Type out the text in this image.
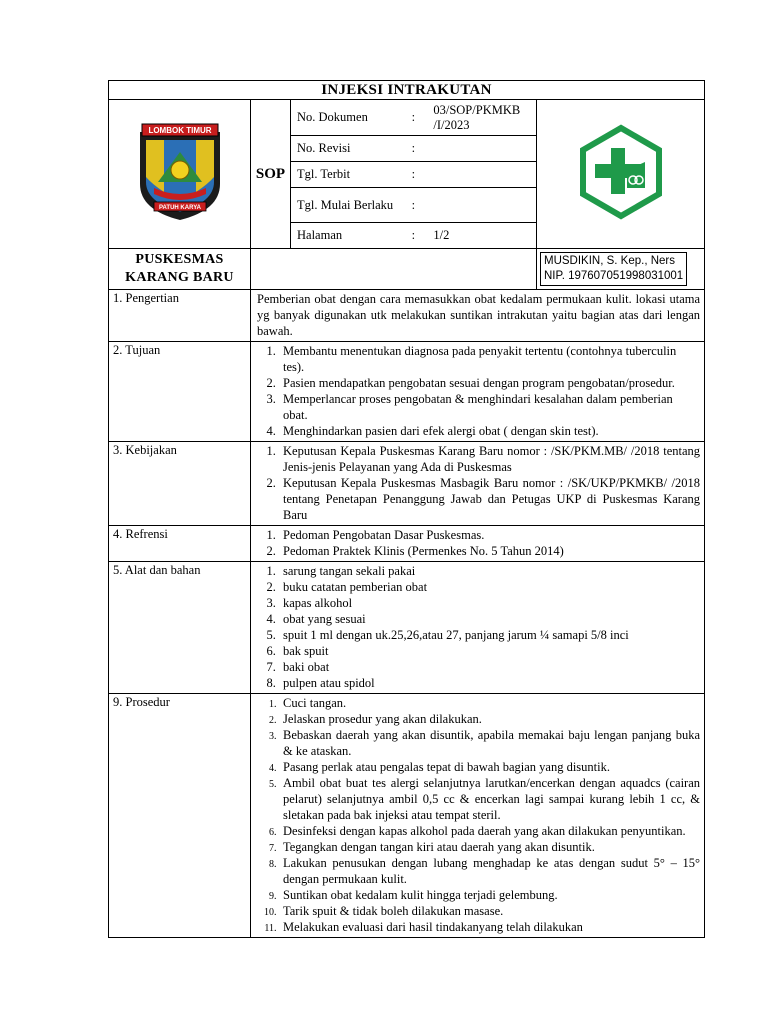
INJEKSI INTRAKUTAN

LOMBOK TIMUR
PATUH KARYA
	SOP	
No. Dokumen	:	03/SOP/PKMKB /I/2023
No. Revisi	:	
Tgl. Terbit	:	
Tgl. Mulai Berlaku	:	
Halaman	:	1/2

PUSKESMAS KARANG BARU		
MUSDIKIN, S. Kep., Ners
NIP. 197607051998031001

1. Pengertian	Pemberian obat dengan cara memasukkan obat kedalam permukaan kulit. lokasi utama yg banyak digunakan utk melakukan suntikan intrakutan yaitu bagian atas dari lengan bawah.
2. Tujuan	
1.Membantu menentukan diagnosa pada penyakit tertentu (contohnya tuberculin tes).
2. Pasien mendapatkan pengobatan sesuai dengan program pengobatan/prosedur.
3. Memperlancar proses pengobatan & menghindari kesalahan dalam pemberian obat.
4. Menghindarkan pasien dari efek alergi obat ( dengan skin test).

3. Kebijakan	
1.Keputusan Kepala Puskesmas Karang Baru nomor : /SK/PKM.MB/ /2018 tentang Jenis-jenis Pelayanan yang Ada di Puskesmas
2. Keputusan Kepala Puskesmas Masbagik Baru nomor : /SK/UKP/PKMKB/ /2018 tentang Penetapan Penanggung Jawab dan Petugas UKP di Puskesmas Karang Baru

4. Refrensi	
1.Pedoman Pengobatan Dasar Puskesmas.
2. Pedoman Praktek Klinis (Permenkes No. 5 Tahun 2014)

5. Alat dan bahan	
1.sarung tangan sekali pakai
2. buku catatan pemberian obat
3. kapas alkohol
4. obat yang sesuai
5. spuit 1 ml dengan uk.25,26,atau 27, panjang jarum ¼ samapi 5/8 inci
6. bak spuit
7. baki obat
8. pulpen atau spidol

9. Prosedur	
1.Cuci tangan.
2. Jelaskan prosedur yang akan dilakukan.
3. Bebaskan daerah yang akan disuntik, apabila memakai baju lengan panjang buka & ke ataskan.
4. Pasang perlak atau pengalas tepat di bawah bagian yang disuntik.
5. Ambil obat buat tes alergi selanjutnya larutkan/encerkan dengan aquadcs (cairan pelarut) selanjutnya ambil 0,5 cc & encerkan lagi sampai kurang lebih 1 cc, & sletakan pada bak injeksi atau tempat steril.
6. Desinfeksi dengan kapas alkohol pada daerah yang akan dilakukan penyuntikan.
7. Tegangkan dengan tangan kiri atau daerah yang akan disuntik.
8. Lakukan penusukan dengan lubang menghadap ke atas dengan sudut 5° – 15° dengan permukaan kulit.
9. Suntikan obat kedalam kulit hingga terjadi gelembung.
10. Tarik spuit & tidak boleh dilakukan masase.
11. Melakukan evaluasi dari hasil tindakanyang telah dilakukan
